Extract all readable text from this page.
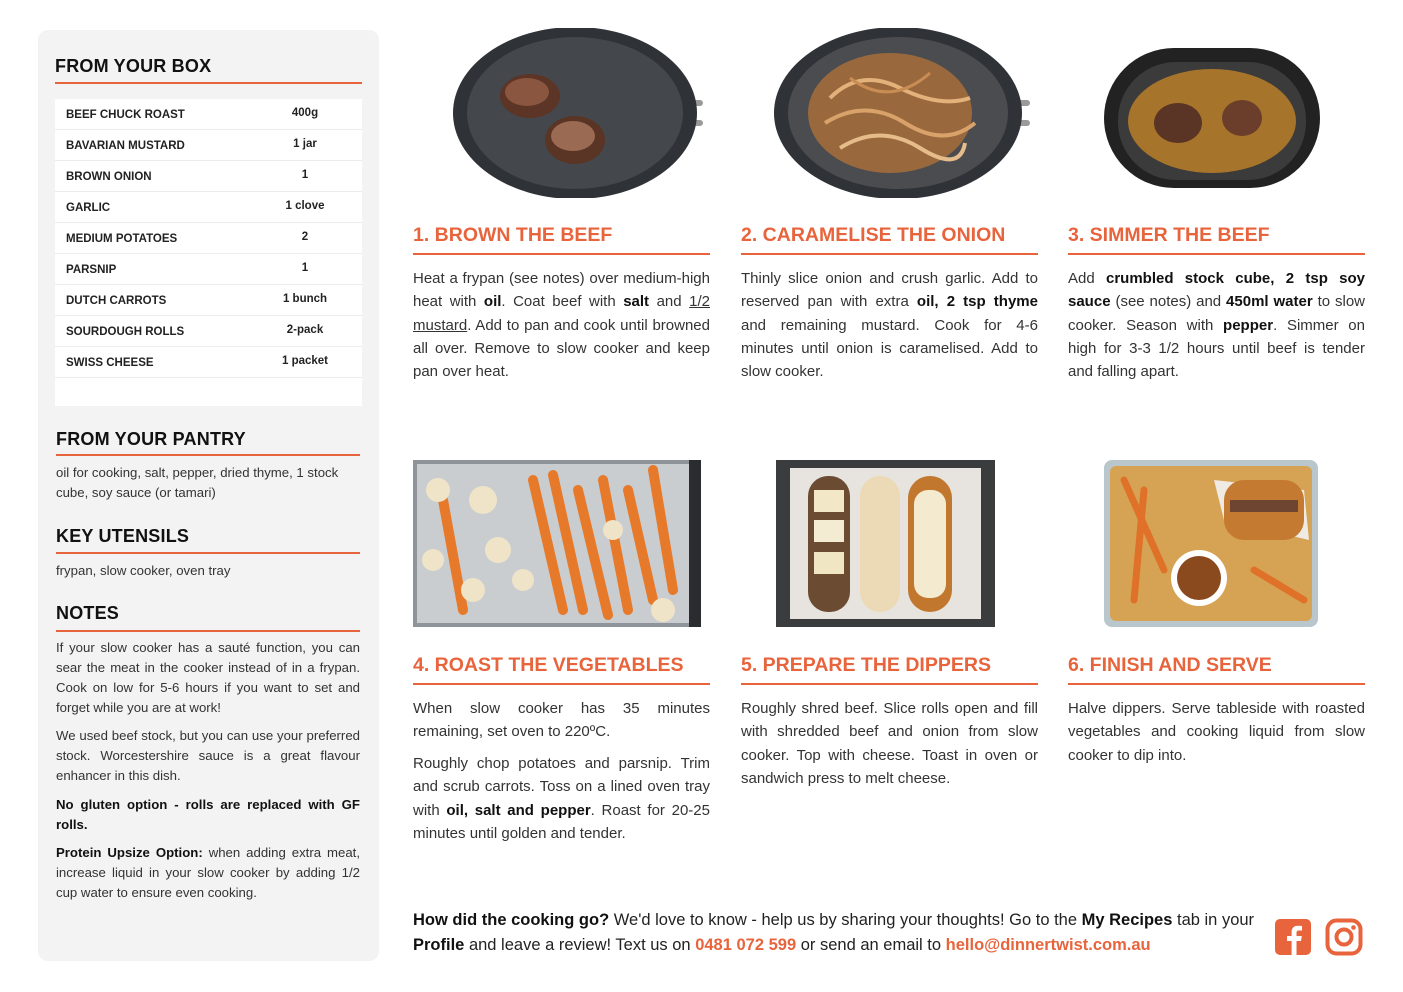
FROM YOUR BOX
BEEF CHUCK ROAST	400g
BAVARIAN MUSTARD	1 jar
BROWN ONION	1
GARLIC	1 clove
MEDIUM POTATOES	2
PARSNIP	1
DUTCH CARROTS	1 bunch
SOURDOUGH ROLLS	2-pack
SWISS CHEESE	1 packet
FROM YOUR PANTRY
oil for cooking, salt, pepper, dried thyme, 1 stock cube, soy sauce (or tamari)
KEY UTENSILS
frypan, slow cooker, oven tray
NOTES
If your slow cooker has a sauté function, you can sear the meat in the cooker instead of in a frypan. Cook on low for 5-6 hours if you want to set and forget while you are at work!
We used beef stock, but you can use your preferred stock. Worcestershire sauce is a great flavour enhancer in this dish.
No gluten option - rolls are replaced with GF rolls.
Protein Upsize Option: when adding extra meat, increase liquid in your slow cooker by adding 1/2 cup water to ensure even cooking.
1. BROWN THE BEEF
Heat a frypan (see notes) over medium-high heat with oil. Coat beef with salt and 1/2 mustard. Add to pan and cook until browned all over. Remove to slow cooker and keep pan over heat.
2. CARAMELISE THE ONION
Thinly slice onion and crush garlic. Add to reserved pan with extra oil, 2 tsp thyme and remaining mustard. Cook for 4-6 minutes until onion is caramelised. Add to slow cooker.
3. SIMMER THE BEEF
Add crumbled stock cube, 2 tsp soy sauce (see notes) and 450ml water to slow cooker. Season with pepper. Simmer on high for 3-3 1/2 hours until beef is tender and falling apart.
4. ROAST THE VEGETABLES
When slow cooker has 35 minutes remaining, set oven to 220ºC.
Roughly chop potatoes and parsnip. Trim and scrub carrots. Toss on a lined oven tray with oil, salt and pepper. Roast for 20-25 minutes until golden and tender.
5. PREPARE THE DIPPERS
Roughly shred beef. Slice rolls open and fill with shredded beef and onion from slow cooker. Top with cheese. Toast in oven or sandwich press to melt cheese.
6. FINISH AND SERVE
Halve dippers. Serve tableside with roasted vegetables and cooking liquid from slow cooker to dip into.
How did the cooking go? We'd love to know - help us by sharing your thoughts! Go to the My Recipes tab in your Profile and leave a review! Text us on 0481 072 599 or send an email to hello@dinnertwist.com.au
